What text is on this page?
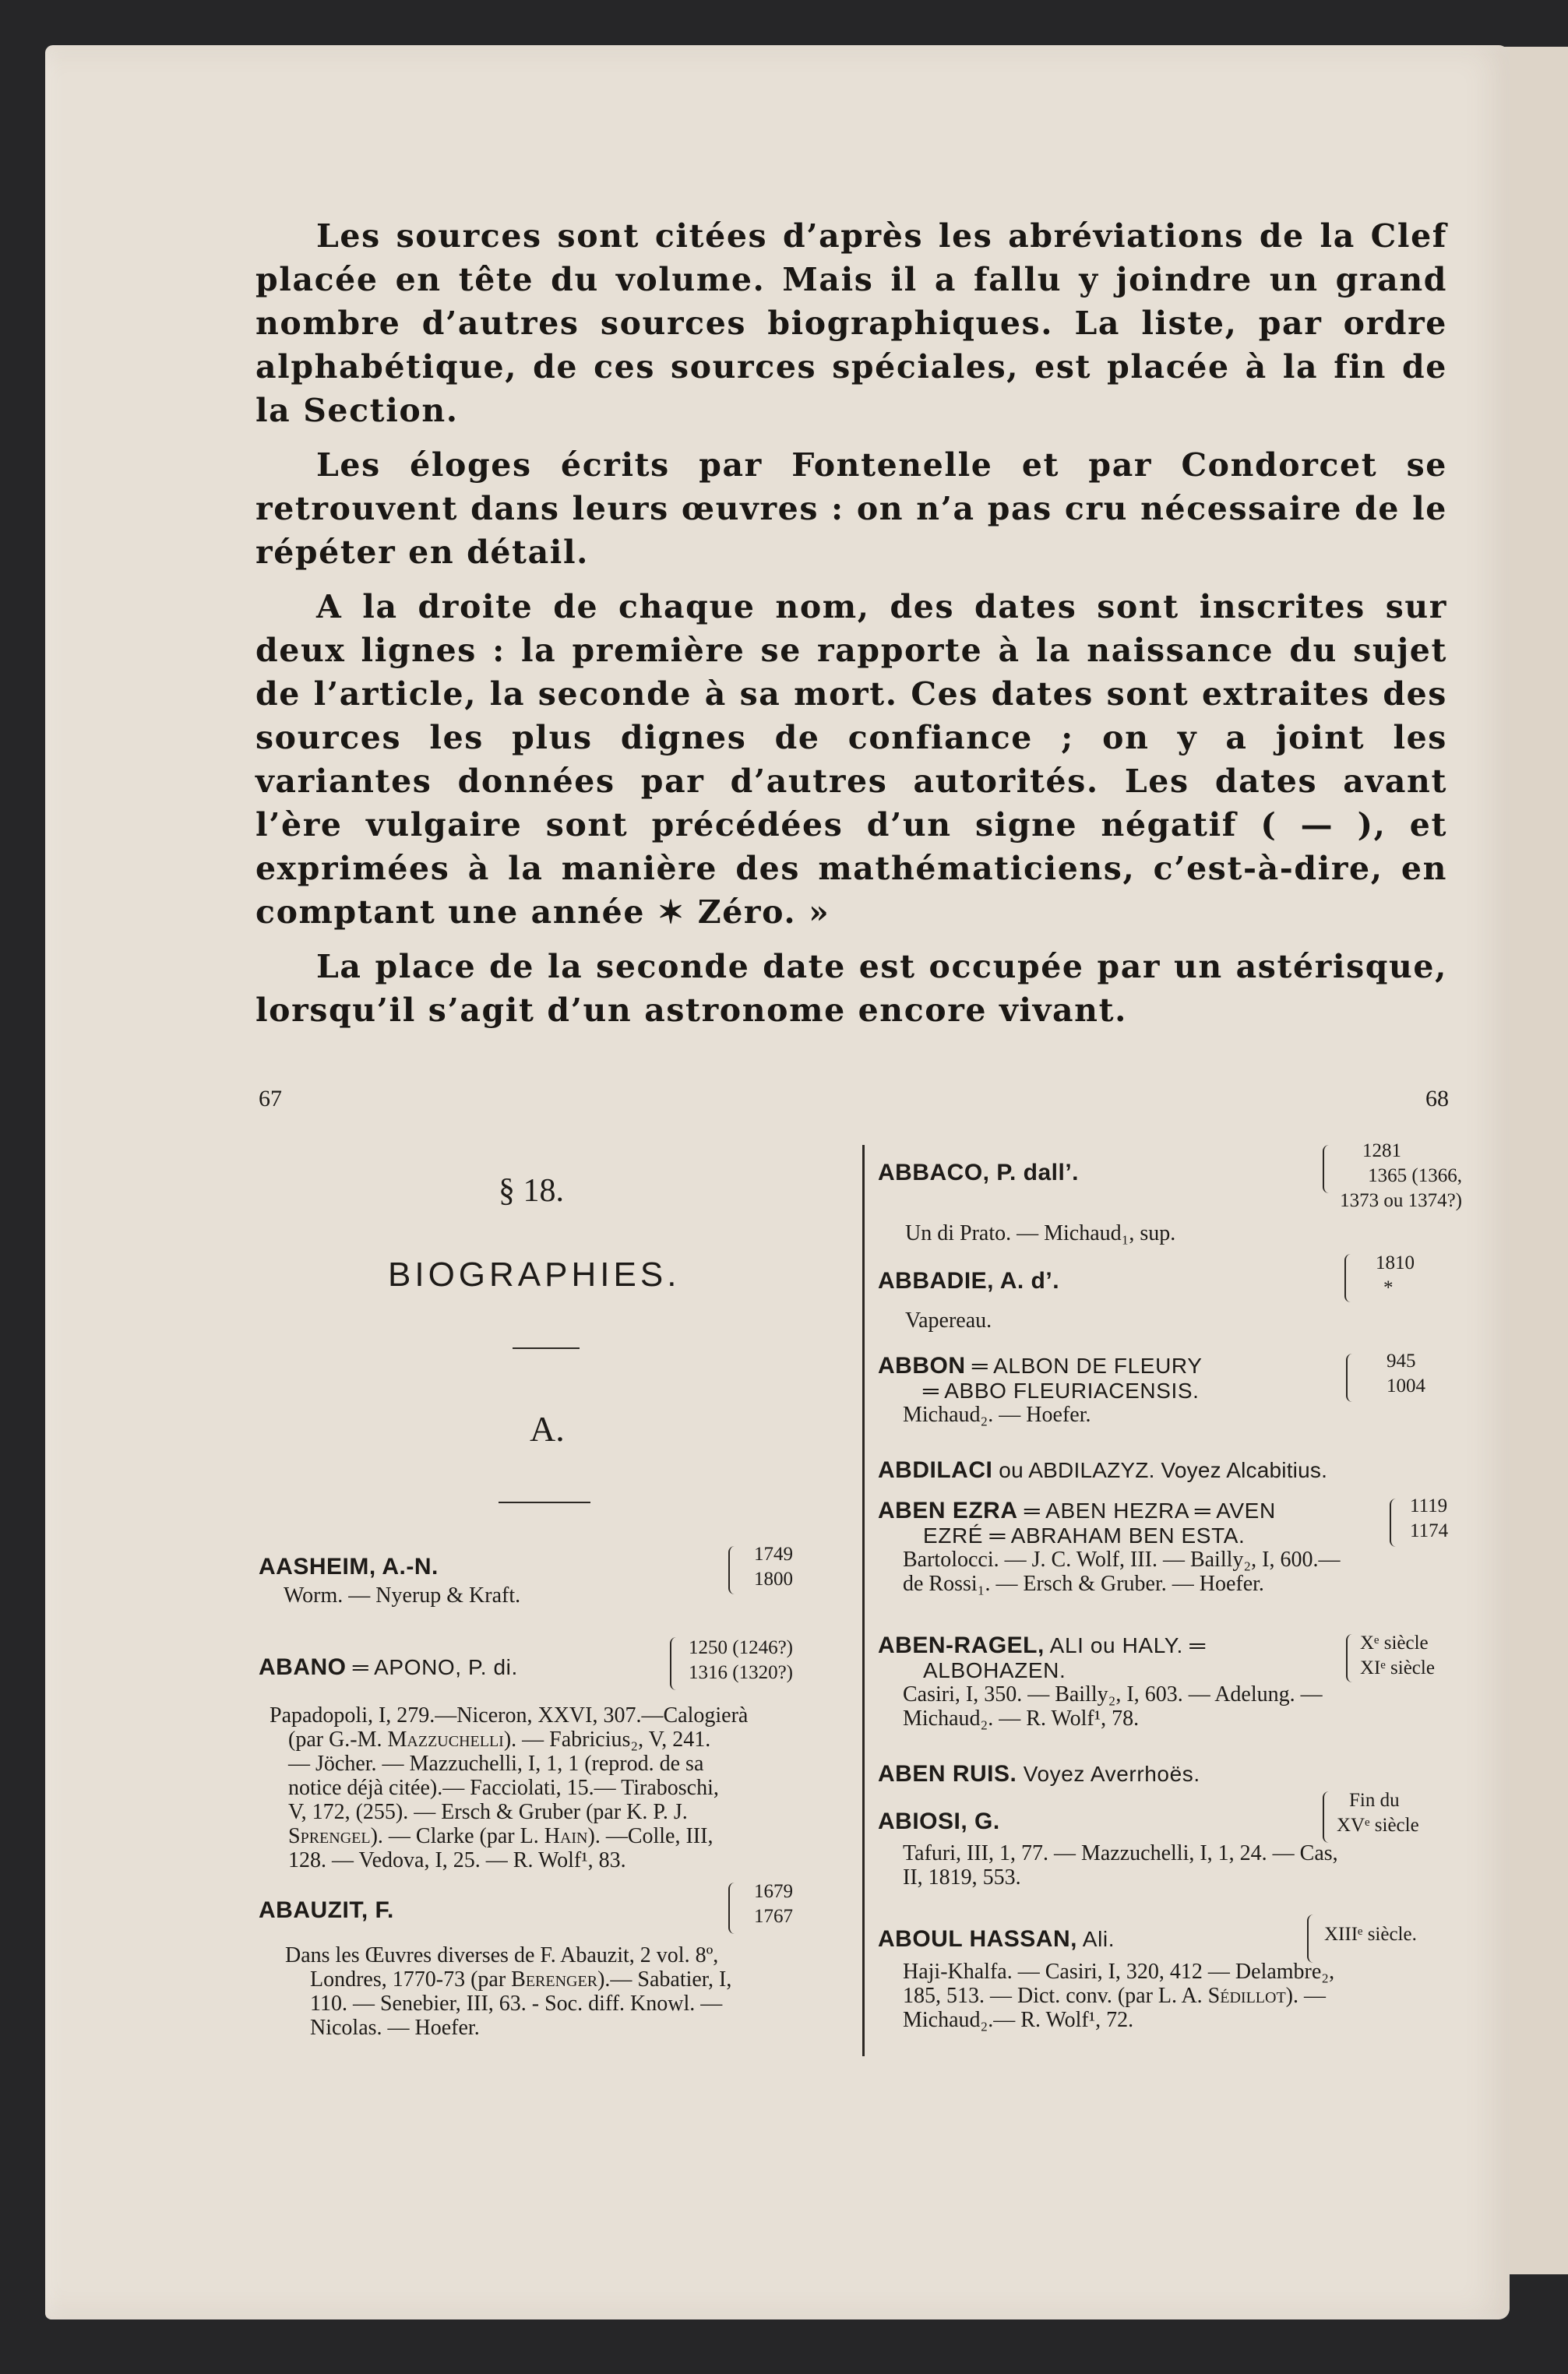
Les sources sont citées d’après les abréviations de la Clef placée en tête du volume. Mais il a fallu y joindre un grand nombre d’autres sources biographiques. La liste, par ordre alphabétique, de ces sources spéciales, est placée à la fin de la Section.

Les éloges écrits par Fontenelle et par Condorcet se retrouvent dans leurs œuvres : on n’a pas cru nécessaire de le répéter en détail.

A la droite de chaque nom, des dates sont inscrites sur deux lignes : la première se rapporte à la naissance du sujet de l’article, la seconde à sa mort. Ces dates sont extraites des sources les plus dignes de confiance ; on y a joint les variantes données par d’autres autorités. Les dates avant l’ère vulgaire sont précédées d’un signe négatif ( — ), et exprimées à la manière des mathématiciens, c’est-à-dire, en comptant une année ✶ Zéro. »

La place de la seconde date est occupée par un astérisque, lorsqu’il s’agit d’un astronome encore vivant.

67	68
§ 18.
BIOGRAPHIES.
A.
AASHEIM, A.-N.
Worm. — Nyerup & Kraft.
1749
1800
ABANO ═ APONO, P. di.
1250 (1246?)
1316 (1320?)
Papadopoli, I, 279.—Niceron, XXVI, 307.—Calogierà
(par G.-M. Mazzuchelli). — Fabricius₂, V, 241.
— Jöcher. — Mazzuchelli, I, 1, 1 (reprod. de sa
notice déjà citée).— Facciolati, 15.— Tiraboschi,
V, 172, (255). — Ersch & Gruber (par K. P. J.
Sprengel). — Clarke (par L. Hain). —Colle, III,
128. — Vedova, I, 25. — R. Wolf¹, 83.
ABAUZIT, F.
1679
1767
Dans les Œuvres diverses de F. Abauzit, 2 vol. 8º,
Londres, 1770-73 (par Berenger).— Sabatier, I,
110. — Senebier, III, 63. - Soc. diff. Knowl. —
Nicolas. — Hoefer.
ABBACO, P. dall’.
1281
1365 (1366,
1373 ou 1374?)
Un di Prato. — Michaud₁, sup.
ABBADIE, A. d’.
1810
*
Vapereau.
ABBON ═ ALBON DE FLEURY
═ ABBO FLEURIACENSIS.
Michaud₂. — Hoefer.
945
1004
ABDILACI ou ABDILAZYZ. Voyez Alcabitius.
ABEN EZRA ═ ABEN HEZRA ═ AVEN
EZRÉ ═ ABRAHAM BEN ESTA.
Bartolocci. — J. C. Wolf, III. — Bailly₂, I, 600.—
de Rossi₁. — Ersch & Gruber. — Hoefer.
1119
1174
ABEN-RAGEL, ALI ou HALY. ═
ALBOHAZEN.
Casiri, I, 350. — Bailly₂, I, 603. — Adelung. —
Michaud₂. — R. Wolf¹, 78.
Xᵉ siècle
XIᵉ siècle
ABEN RUIS. Voyez Averrhoës.
ABIOSI, G.
Tafuri, III, 1, 77. — Mazzuchelli, I, 1, 24. — Cas,
II, 1819, 553.
Fin du
XVᵉ siècle
ABOUL HASSAN, Ali.
Haji-Khalfa. — Casiri, I, 320, 412 — Delambre₂,
185, 513. — Dict. conv. (par L. A. Sédillot). —
Michaud₂.— R. Wolf¹, 72.
XIIIᵉ siècle.
